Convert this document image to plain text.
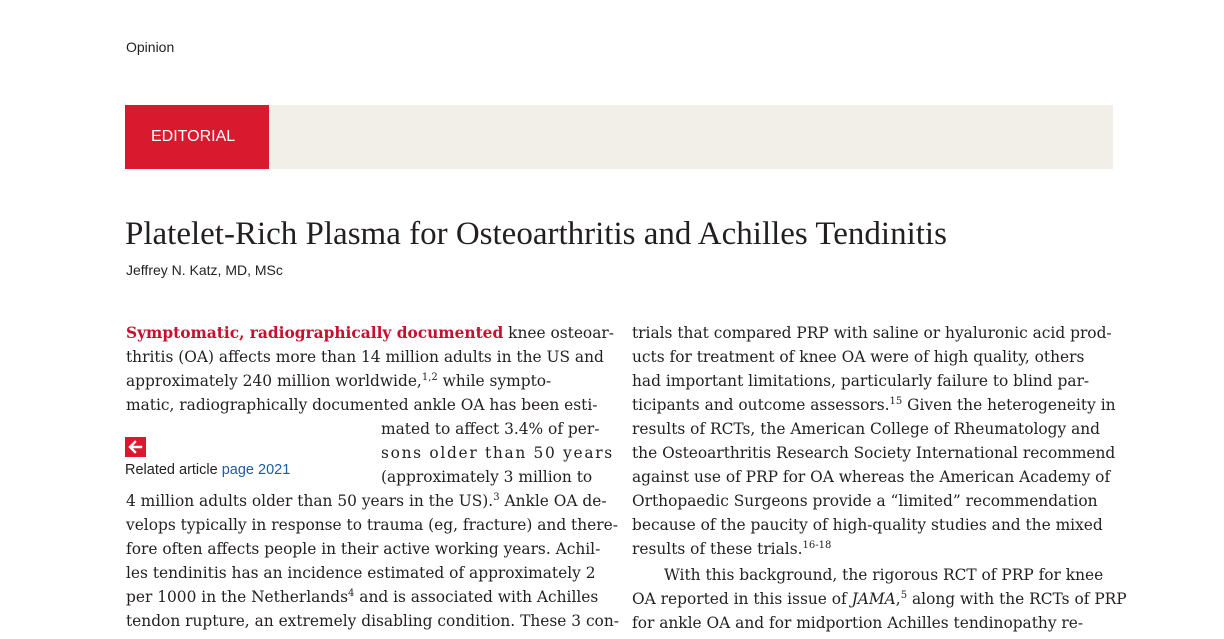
Opinion
EDITORIAL
Platelet-Rich Plasma for Osteoarthritis and Achilles Tendinitis
Jeffrey N. Katz, MD, MSc
Symptomatic, radiographically documented knee osteoar-
thritis (OA) affects more than 14 million adults in the US and
approximately 240 million worldwide,$^{1,2}$ while sympto-
matic, radiographically documented ankle OA has been esti-
Related article page 2021
mated to affect 3.4% of per-
sons older than 50 years
(approximately 3 million to
4 million adults older than 50 years in the US).$^3$ Ankle OA de-
velops typically in response to trauma (eg, fracture) and there-
fore often affects people in their active working years. Achil-
les tendinitis has an incidence estimated of approximately 2
per 1000 in the Netherlands$^4$ and is associated with Achilles
tendon rupture, an extremely disabling condition. These 3 con-
trials that compared PRP with saline or hyaluronic acid prod-
ucts for treatment of knee OA were of high quality, others
had important limitations, particularly failure to blind par-
ticipants and outcome assessors.$^{15}$ Given the heterogeneity in
results of RCTs, the American College of Rheumatology and
the Osteoarthritis Research Society International recommend
against use of PRP for OA whereas the American Academy of
Orthopaedic Surgeons provide a “limited” recommendation
because of the paucity of high-quality studies and the mixed
results of these trials.$^{16-18}$
With this background, the rigorous RCT of PRP for knee
OA reported in this issue of JAMA,$^5$ along with the RCTs of PRP
for ankle OA and for midportion Achilles tendinopathy re-
